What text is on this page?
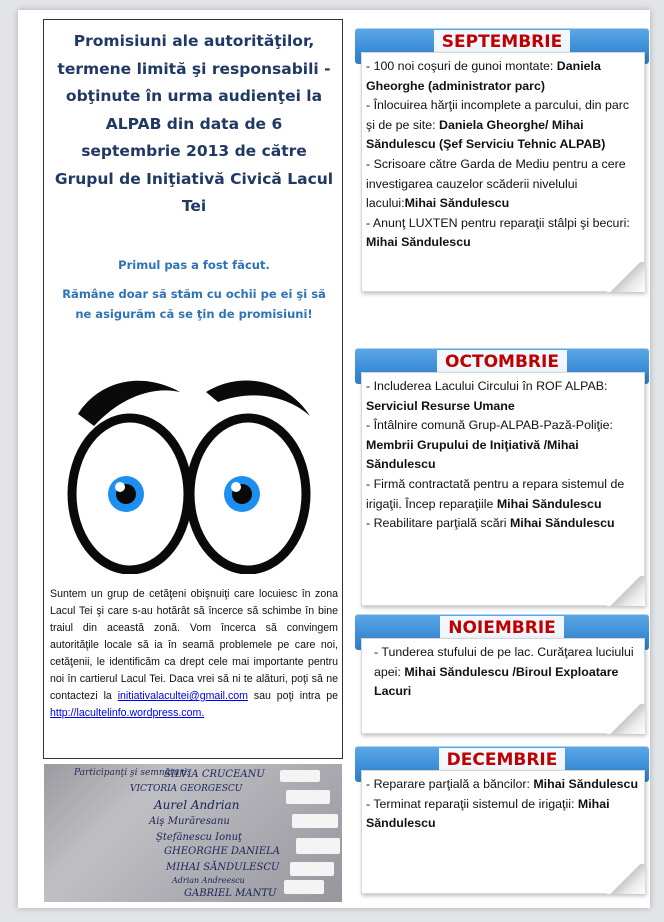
Promisiuni ale autorităţilor, termene limită şi responsabili - obţinute în urma audienţei la ALPAB din data de 6 septembrie 2013 de către Grupul de Iniţiativă Civică Lacul Tei
Primul pas a fost făcut.
Rămâne doar să stăm cu ochii pe ei şi să ne asigurăm că se ţin de promisiuni!
Suntem un grup de cetăţeni obişnuiţi care locuiesc în zona Lacul Tei şi care s-au hotărât să încerce să schimbe în bine traiul din această zonă. Vom încerca să convingem autorităţile locale să ia în seamă problemele pe care noi, cetăţenii, le identificăm ca drept cele mai importante pentru noi în cartierul Lacul Tei. Daca vrei să ni te alături, poţi să ne contactezi la initiativalacultei@gmail.com sau poţi intra pe http://lacultelinfo.wordpress.com.
Participanţi şi semnături:
SILVIA CRUCEANU
VICTORIA GEORGESCU
Aurel Andrian
Aiş Murăresanu
Ştefănescu Ionuţ
GHEORGHE DANIELA
MIHAI SĂNDULESCU
Adrian Andreescu
GABRIEL MANTU
SEPTEMBRIE
- 100 noi coşuri de gunoi montate: Daniela Gheorghe (administrator parc)
- Înlocuirea hărţii incomplete a parcului, din parc şi de pe site: Daniela Gheorghe/ Mihai Săndulescu (Şef Serviciu Tehnic ALPAB)
- Scrisoare către Garda de Mediu pentru a cere investigarea cauzelor scăderii nivelului lacului:Mihai Săndulescu
- Anunţ LUXTEN pentru reparaţii stâlpi şi becuri: Mihai Săndulescu
OCTOMBRIE
- Includerea Lacului Circului în ROF ALPAB: Serviciul Resurse Umane
- Întâlnire comună Grup-ALPAB-Pază-Poliţie: Membrii Grupului de Iniţiativă /Mihai Săndulescu
- Firmă contractată pentru a repara sistemul de irigaţii. Încep reparaţiile Mihai Săndulescu
- Reabilitare parţială scări Mihai Săndulescu
NOIEMBRIE
- Tunderea stufului de pe lac. Curăţarea luciului apei: Mihai Săndulescu /Biroul Exploatare Lacuri
DECEMBRIE
- Reparare parţială a băncilor: Mihai Săndulescu
- Terminat reparaţii sistemul de irigaţii: Mihai Săndulescu
